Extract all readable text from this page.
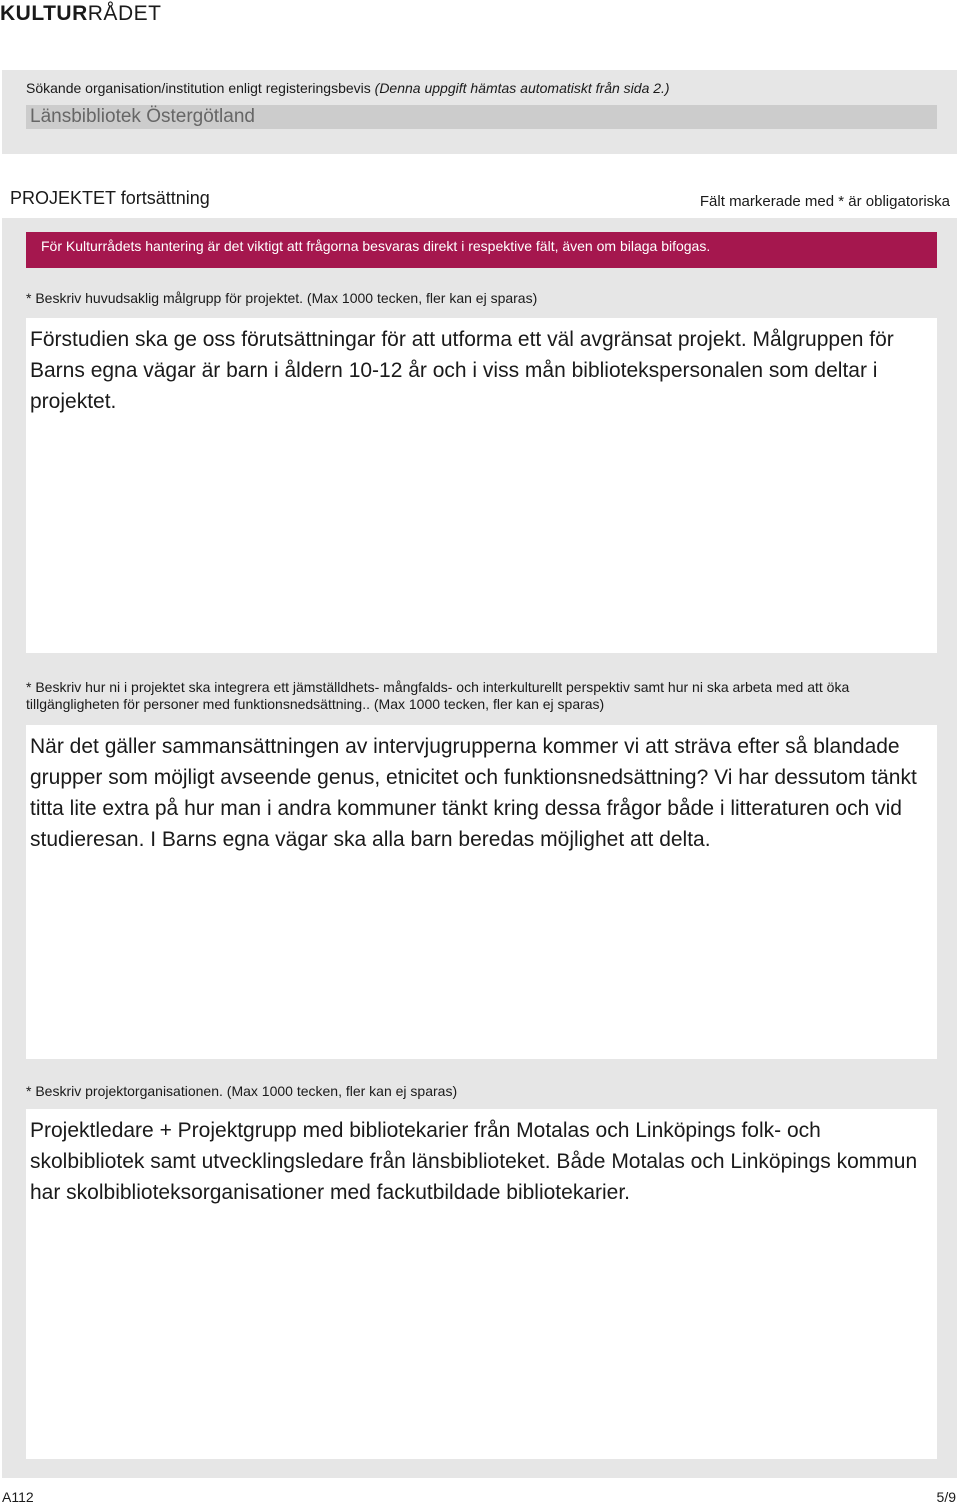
KULTURRÅDET
Sökande organisation/institution enligt registeringsbevis (Denna uppgift hämtas automatiskt från sida 2.)
Länsbibliotek Östergötland
PROJEKTET fortsättning	Fält markerade med * är obligatoriska
För Kulturrådets hantering är det viktigt att frågorna besvaras direkt i respektive fält, även om bilaga bifogas.
* Beskriv huvudsaklig målgrupp för projektet. (Max 1000 tecken, fler kan ej sparas)
Förstudien ska ge oss förutsättningar för att utforma ett väl avgränsat projekt. Målgruppen för Barns egna vägar är barn i åldern 10-12 år och i viss mån bibliotekspersonalen som deltar i projektet.
* Beskriv hur ni i projektet ska integrera ett jämställdhets- mångfalds- och interkulturellt perspektiv samt hur ni ska arbeta med att öka tillgängligheten för personer med funktionsnedsättning.. (Max 1000 tecken, fler kan ej sparas)
När det gäller sammansättningen av intervjugrupperna kommer vi att sträva efter så blandade grupper som möjligt avseende genus, etnicitet och funktionsnedsättning? Vi har dessutom tänkt titta lite extra på hur man i andra kommuner tänkt kring dessa frågor både i litteraturen och vid studieresan. I Barns egna vägar ska alla barn beredas möjlighet att delta.
* Beskriv projektorganisationen. (Max 1000 tecken, fler kan ej sparas)
Projektledare + Projektgrupp med bibliotekarier från Motalas och Linköpings folk- och skolbibliotek samt utvecklingsledare från länsbiblioteket. Både Motalas och Linköpings kommun har skolbiblioteksorganisationer med fackutbildade bibliotekarier.
A112	5/9
